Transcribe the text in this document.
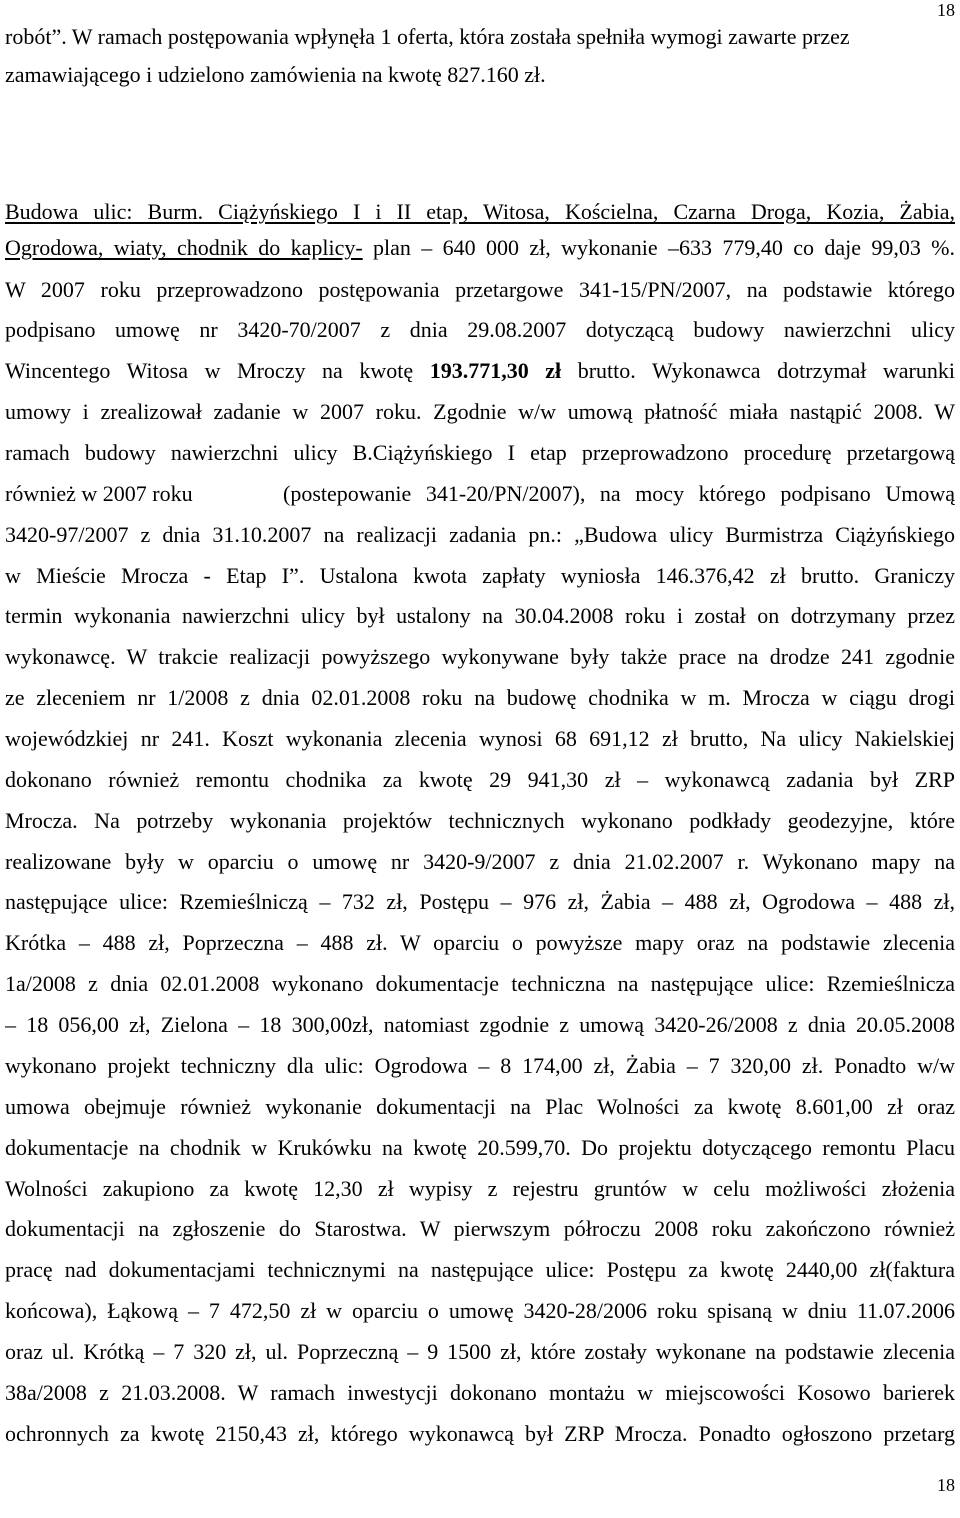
18
robót”. W ramach postępowania wpłynęła 1 oferta, która została spełniła wymogi zawarte przez
zamawiającego i udzielono zamówienia na kwotę 827.160 zł.
Budowa ulic: Burm. Ciążyńskiego I i II etap, Witosa, Kościelna, Czarna Droga, Kozia, Żabia,
Ogrodowa, wiaty, chodnik do kaplicy- plan – 640 000 zł, wykonanie –633 779,40 co daje 99,03 %.
W 2007 roku przeprowadzono postępowania przetargowe 341-15/PN/2007, na podstawie którego
podpisano umowę nr 3420-70/2007 z dnia 29.08.2007 dotyczącą budowy nawierzchni ulicy
Wincentego Witosa w Mroczy na kwotę 193.771,30 zł brutto. Wykonawca dotrzymał warunki
umowy i zrealizował zadanie w 2007 roku. Zgodnie w/w umową płatność miała nastąpić 2008. W
ramach budowy nawierzchni ulicy B.Ciążyńskiego I etap przeprowadzono procedurę przetargową
również w 2007 roku	(postepowanie 341-20/PN/2007), na mocy którego podpisano Umową
3420-97/2007 z dnia 31.10.2007 na realizacji zadania pn.: „Budowa ulicy Burmistrza Ciążyńskiego
w Mieście Mrocza - Etap I”. Ustalona kwota zapłaty wyniosła 146.376,42 zł brutto. Graniczy
termin wykonania nawierzchni ulicy był ustalony na 30.04.2008 roku i został on dotrzymany przez
wykonawcę. W trakcie realizacji powyższego wykonywane były także prace na drodze 241 zgodnie
ze zleceniem nr 1/2008 z dnia 02.01.2008 roku na budowę chodnika w m. Mrocza w ciągu drogi
wojewódzkiej nr 241. Koszt wykonania zlecenia wynosi 68 691,12 zł brutto, Na ulicy Nakielskiej
dokonano również remontu chodnika za kwotę 29 941,30 zł – wykonawcą zadania był ZRP
Mrocza. Na potrzeby wykonania projektów technicznych wykonano podkłady geodezyjne, które
realizowane były w oparciu o umowę nr 3420-9/2007 z dnia 21.02.2007 r. Wykonano mapy na
następujące ulice: Rzemieślniczą – 732 zł, Postępu – 976 zł, Żabia – 488 zł, Ogrodowa – 488 zł,
Krótka – 488 zł, Poprzeczna – 488 zł. W oparciu o powyższe mapy oraz na podstawie zlecenia
1a/2008 z dnia 02.01.2008 wykonano dokumentacje techniczna na następujące ulice: Rzemieślnicza
– 18 056,00 zł, Zielona – 18 300,00zł, natomiast zgodnie z umową 3420-26/2008 z dnia 20.05.2008
wykonano projekt techniczny dla ulic: Ogrodowa – 8 174,00 zł, Żabia – 7 320,00 zł. Ponadto w/w
umowa obejmuje również wykonanie dokumentacji na Plac Wolności za kwotę 8.601,00 zł oraz
dokumentacje na chodnik w Krukówku na kwotę 20.599,70. Do projektu dotyczącego remontu Placu
Wolności zakupiono za kwotę 12,30 zł wypisy z rejestru gruntów w celu możliwości złożenia
dokumentacji na zgłoszenie do Starostwa. W pierwszym półroczu 2008 roku zakończono również
pracę nad dokumentacjami technicznymi na następujące ulice: Postępu za kwotę 2440,00 zł(faktura
końcowa), Łąkową – 7 472,50 zł w oparciu o umowę 3420-28/2006 roku spisaną w dniu 11.07.2006
oraz ul. Krótką – 7 320 zł, ul. Poprzeczną – 9 1500 zł, które zostały wykonane na podstawie zlecenia
38a/2008 z 21.03.2008. W ramach inwestycji dokonano montażu w miejscowości Kosowo barierek
ochronnych za kwotę 2150,43 zł, którego wykonawcą był ZRP Mrocza. Ponadto ogłoszono przetarg
18
